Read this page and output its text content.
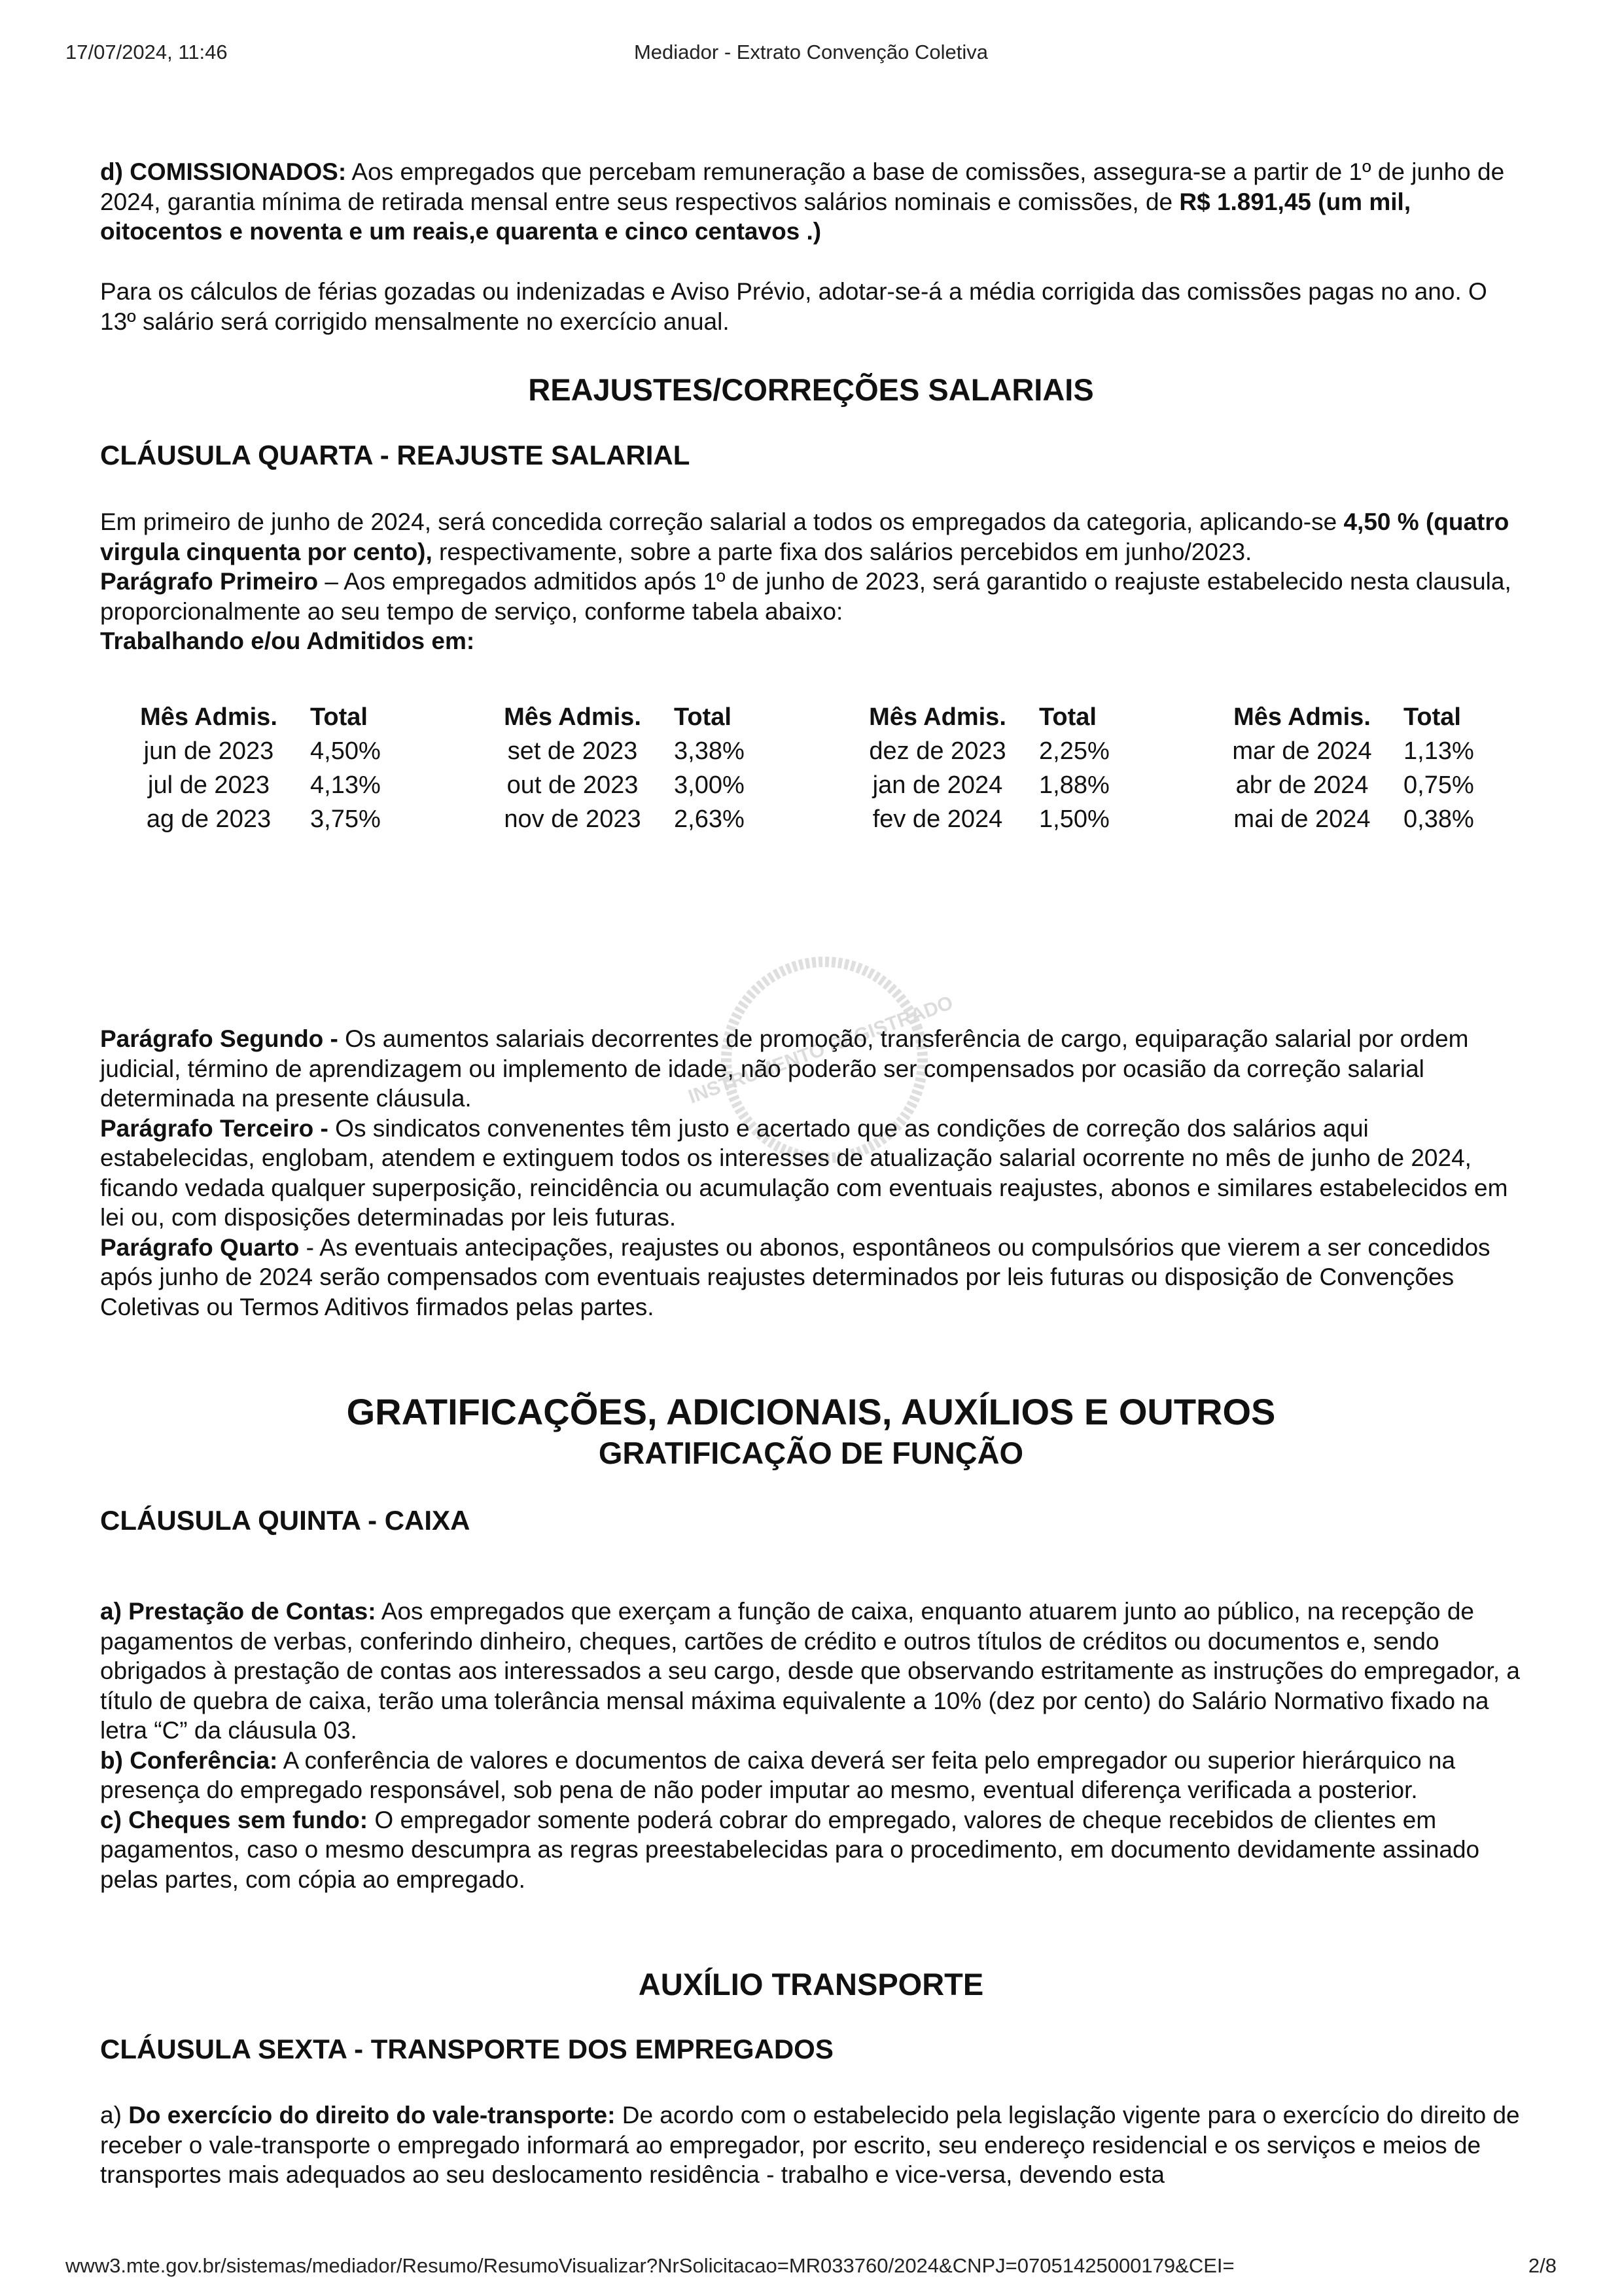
17/07/2024, 11:46	Mediador - Extrato Convenção Coletiva

d) COMISSIONADOS: Aos empregados que percebam remuneração a base de comissões, assegura-se a partir de 1º de junho de 2024, garantia mínima de retirada mensal entre seus respectivos salários nominais e comissões, de R$ 1.891,45 (um mil, oitocentos e noventa e um reais,e quarenta e cinco centavos .)

Para os cálculos de férias gozadas ou indenizadas e Aviso Prévio, adotar-se-á a média corrigida das comissões pagas no ano. O 13º salário será corrigido mensalmente no exercício anual.

REAJUSTES/CORREÇÕES SALARIAIS
CLÁUSULA QUARTA - REAJUSTE SALARIAL

Em primeiro de junho de 2024, será concedida correção salarial a todos os empregados da categoria, aplicando-se 4,50 % (quatro virgula cinquenta por cento), respectivamente, sobre a parte fixa dos salários percebidos em junho/2023.

Parágrafo Primeiro – Aos empregados admitidos após 1º de junho de 2023, será garantido o reajuste estabelecido nesta clausula, proporcionalmente ao seu tempo de serviço, conforme tabela abaixo:

Trabalhando e/ou Admitidos em:

Mês Admis. Total
jun de 2023	4,50%
jul de 2023	4,13%
ag de 2023	3,75%
Mês Admis. Total
set de 2023	3,38%
out de 2023	3,00%
nov de 2023 2,63%
Mês Admis. Total
dez de 2023 2,25%
jan de 2024	1,88%
fev de 2024	1,50%
Mês Admis. Total
mar de 2024 1,13%
abr de 2024	0,75%
mai de 2024 0,38%
INSTRUMENTO REGISTRADO

Parágrafo Segundo - Os aumentos salariais decorrentes de promoção, transferência de cargo, equiparação salarial por ordem judicial, término de aprendizagem ou implemento de idade, não poderão ser compensados por ocasião da correção salarial determinada na presente cláusula.

Parágrafo Terceiro - Os sindicatos convenentes têm justo e acertado que as condições de correção dos salários aqui estabelecidas, englobam, atendem e extinguem todos os interesses de atualização salarial ocorrente no mês de junho de 2024, ficando vedada qualquer superposição, reincidência ou acumulação com eventuais reajustes, abonos e similares estabelecidos em lei ou, com disposições determinadas por leis futuras.

Parágrafo Quarto - As eventuais antecipações, reajustes ou abonos, espontâneos ou compulsórios que vierem a ser concedidos após junho de 2024 serão compensados com eventuais reajustes determinados por leis futuras ou disposição de Convenções Coletivas ou Termos Aditivos firmados pelas partes.

GRATIFICAÇÕES, ADICIONAIS, AUXÍLIOS E OUTROS
GRATIFICAÇÃO DE FUNÇÃO
CLÁUSULA QUINTA - CAIXA

a) Prestação de Contas: Aos empregados que exerçam a função de caixa, enquanto atuarem junto ao público, na recepção de pagamentos de verbas, conferindo dinheiro, cheques, cartões de crédito e outros títulos de créditos ou documentos e, sendo obrigados à prestação de contas aos interessados a seu cargo, desde que observando estritamente as instruções do empregador, a título de quebra de caixa, terão uma tolerância mensal máxima equivalente a 10% (dez por cento) do Salário Normativo fixado na letra “C” da cláusula 03.

b) Conferência: A conferência de valores e documentos de caixa deverá ser feita pelo empregador ou superior hierárquico na presença do empregado responsável, sob pena de não poder imputar ao mesmo, eventual diferença verificada a posterior.

c) Cheques sem fundo: O empregador somente poderá cobrar do empregado, valores de cheque recebidos de clientes em pagamentos, caso o mesmo descumpra as regras preestabelecidas para o procedimento, em documento devidamente assinado pelas partes, com cópia ao empregado.

AUXÍLIO TRANSPORTE
CLÁUSULA SEXTA - TRANSPORTE DOS EMPREGADOS

a) Do exercício do direito do vale-transporte: De acordo com o estabelecido pela legislação vigente para o exercício do direito de receber o vale-transporte o empregado informará ao empregador, por escrito, seu endereço residencial e os serviços e meios de transportes mais adequados ao seu deslocamento residência - trabalho e vice-versa, devendo esta

www3.mte.gov.br/sistemas/mediador/Resumo/ResumoVisualizar?NrSolicitacao=MR033760/2024&CNPJ=07051425000179&CEI=	2/8
